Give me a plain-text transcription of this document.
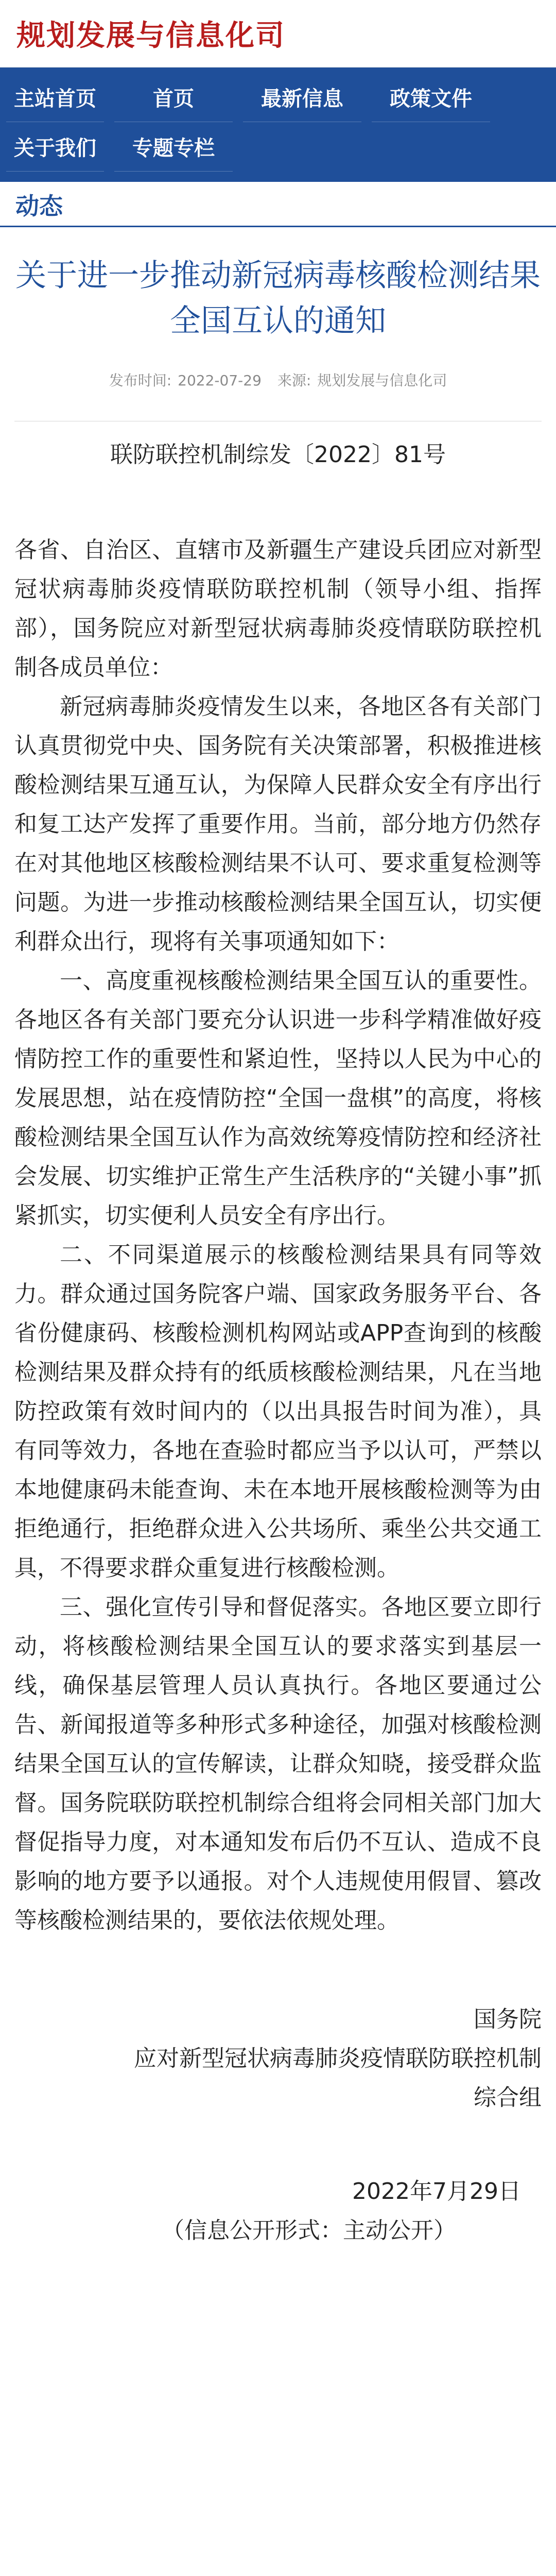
规划发展与信息化司
主站首页	首页	最新信息	政策文件
关于我们	专题专栏
动态
关于进一步推动新冠病毒核酸检测结果全国互认的通知
发布时间: 2022-07-29 来源: 规划发展与信息化司
联防联控机制综发〔2022〕81号

各省、自治区、直辖市及新疆生产建设兵团应对新型冠状病毒肺炎疫情联防联控机制（领导小组、指挥部），国务院应对新型冠状病毒肺炎疫情联防联控机制各成员单位：

新冠病毒肺炎疫情发生以来，各地区各有关部门认真贯彻党中央、国务院有关决策部署，积极推进核酸检测结果互通互认，为保障人民群众安全有序出行和复工达产发挥了重要作用。当前，部分地方仍然存在对其他地区核酸检测结果不认可、要求重复检测等问题。为进一步推动核酸检测结果全国互认，切实便利群众出行，现将有关事项通知如下：

一、高度重视核酸检测结果全国互认的重要性。各地区各有关部门要充分认识进一步科学精准做好疫情防控工作的重要性和紧迫性，坚持以人民为中心的发展思想，站在疫情防控“全国一盘棋”的高度，将核酸检测结果全国互认作为高效统筹疫情防控和经济社会发展、切实维护正常生产生活秩序的“关键小事”抓紧抓实，切实便利人员安全有序出行。

二、不同渠道展示的核酸检测结果具有同等效力。群众通过国务院客户端、国家政务服务平台、各省份健康码、核酸检测机构网站或APP查询到的核酸检测结果及群众持有的纸质核酸检测结果，凡在当地防控政策有效时间内的（以出具报告时间为准），具有同等效力，各地在查验时都应当予以认可，严禁以本地健康码未能查询、未在本地开展核酸检测等为由拒绝通行，拒绝群众进入公共场所、乘坐公共交通工具，不得要求群众重复进行核酸检测。

三、强化宣传引导和督促落实。各地区要立即行动，将核酸检测结果全国互认的要求落实到基层一线，确保基层管理人员认真执行。各地区要通过公告、新闻报道等多种形式多种途径，加强对核酸检测结果全国互认的宣传解读，让群众知晓，接受群众监督。国务院联防联控机制综合组将会同相关部门加大督促指导力度，对本通知发布后仍不互认、造成不良影响的地方要予以通报。对个人违规使用假冒、篡改等核酸检测结果的，要依法依规处理。

国务院
应对新型冠状病毒肺炎疫情联防联控机制
综合组
2022年7月29日
（信息公开形式：主动公开）
